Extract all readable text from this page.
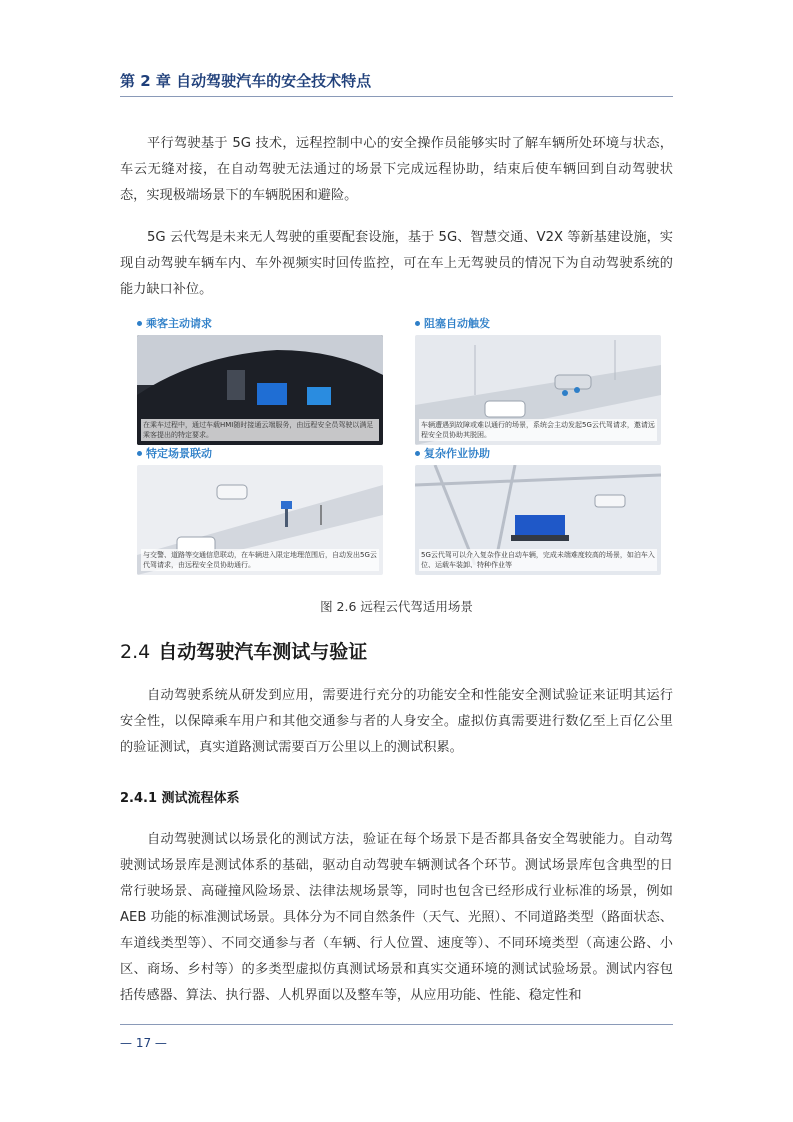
第 2 章 自动驾驶汽车的安全技术特点

平行驾驶基于 5G 技术，远程控制中心的安全操作员能够实时了解车辆所处环境与状态，车云无缝对接，在自动驾驶无法通过的场景下完成远程协助，结束后使车辆回到自动驾驶状态，实现极端场景下的车辆脱困和避险。

5G 云代驾是未来无人驾驶的重要配套设施，基于 5G、智慧交通、V2X 等新基建设施，实现自动驾驶车辆车内、车外视频实时回传监控，可在车上无驾驶员的情况下为自动驾驶系统的能力缺口补位。

乘客主动请求
在乘车过程中，通过车载HMI随时接通云端服务，由远程安全员驾驶以满足乘客提出的特定要求。
阻塞自动触发
车辆遭遇到故障或难以通行的场景，系统会主动发起5G云代驾请求，邀请远程安全员协助其脱困。
特定场景联动
与交警、道路等交通信息联动，在车辆进入限定地理范围后，自动发出5G云代驾请求，由远程安全员协助通行。
复杂作业协助
5G云代驾可以介入复杂作业自动车辆，完成未端难度较高的场景，如泊车入位、运载车装卸、特种作业等
图 2.6 远程云代驾适用场景
2.4 自动驾驶汽车测试与验证

自动驾驶系统从研发到应用，需要进行充分的功能安全和性能安全测试验证来证明其运行安全性，以保障乘车用户和其他交通参与者的人身安全。虚拟仿真需要进行数亿至上百亿公里的验证测试，真实道路测试需要百万公里以上的测试积累。

2.4.1 测试流程体系

自动驾驶测试以场景化的测试方法，验证在每个场景下是否都具备安全驾驶能力。自动驾驶测试场景库是测试体系的基础，驱动自动驾驶车辆测试各个环节。测试场景库包含典型的日常行驶场景、高碰撞风险场景、法律法规场景等，同时也包含已经形成行业标准的场景，例如 AEB 功能的标准测试场景。具体分为不同自然条件（天气、光照）、不同道路类型（路面状态、车道线类型等）、不同交通参与者（车辆、行人位置、速度等）、不同环境类型（高速公路、小区、商场、乡村等）的多类型虚拟仿真测试场景和真实交通环境的测试试验场景。测试内容包括传感器、算法、执行器、人机界面以及整车等，从应用功能、性能、稳定性和

— 17 —
